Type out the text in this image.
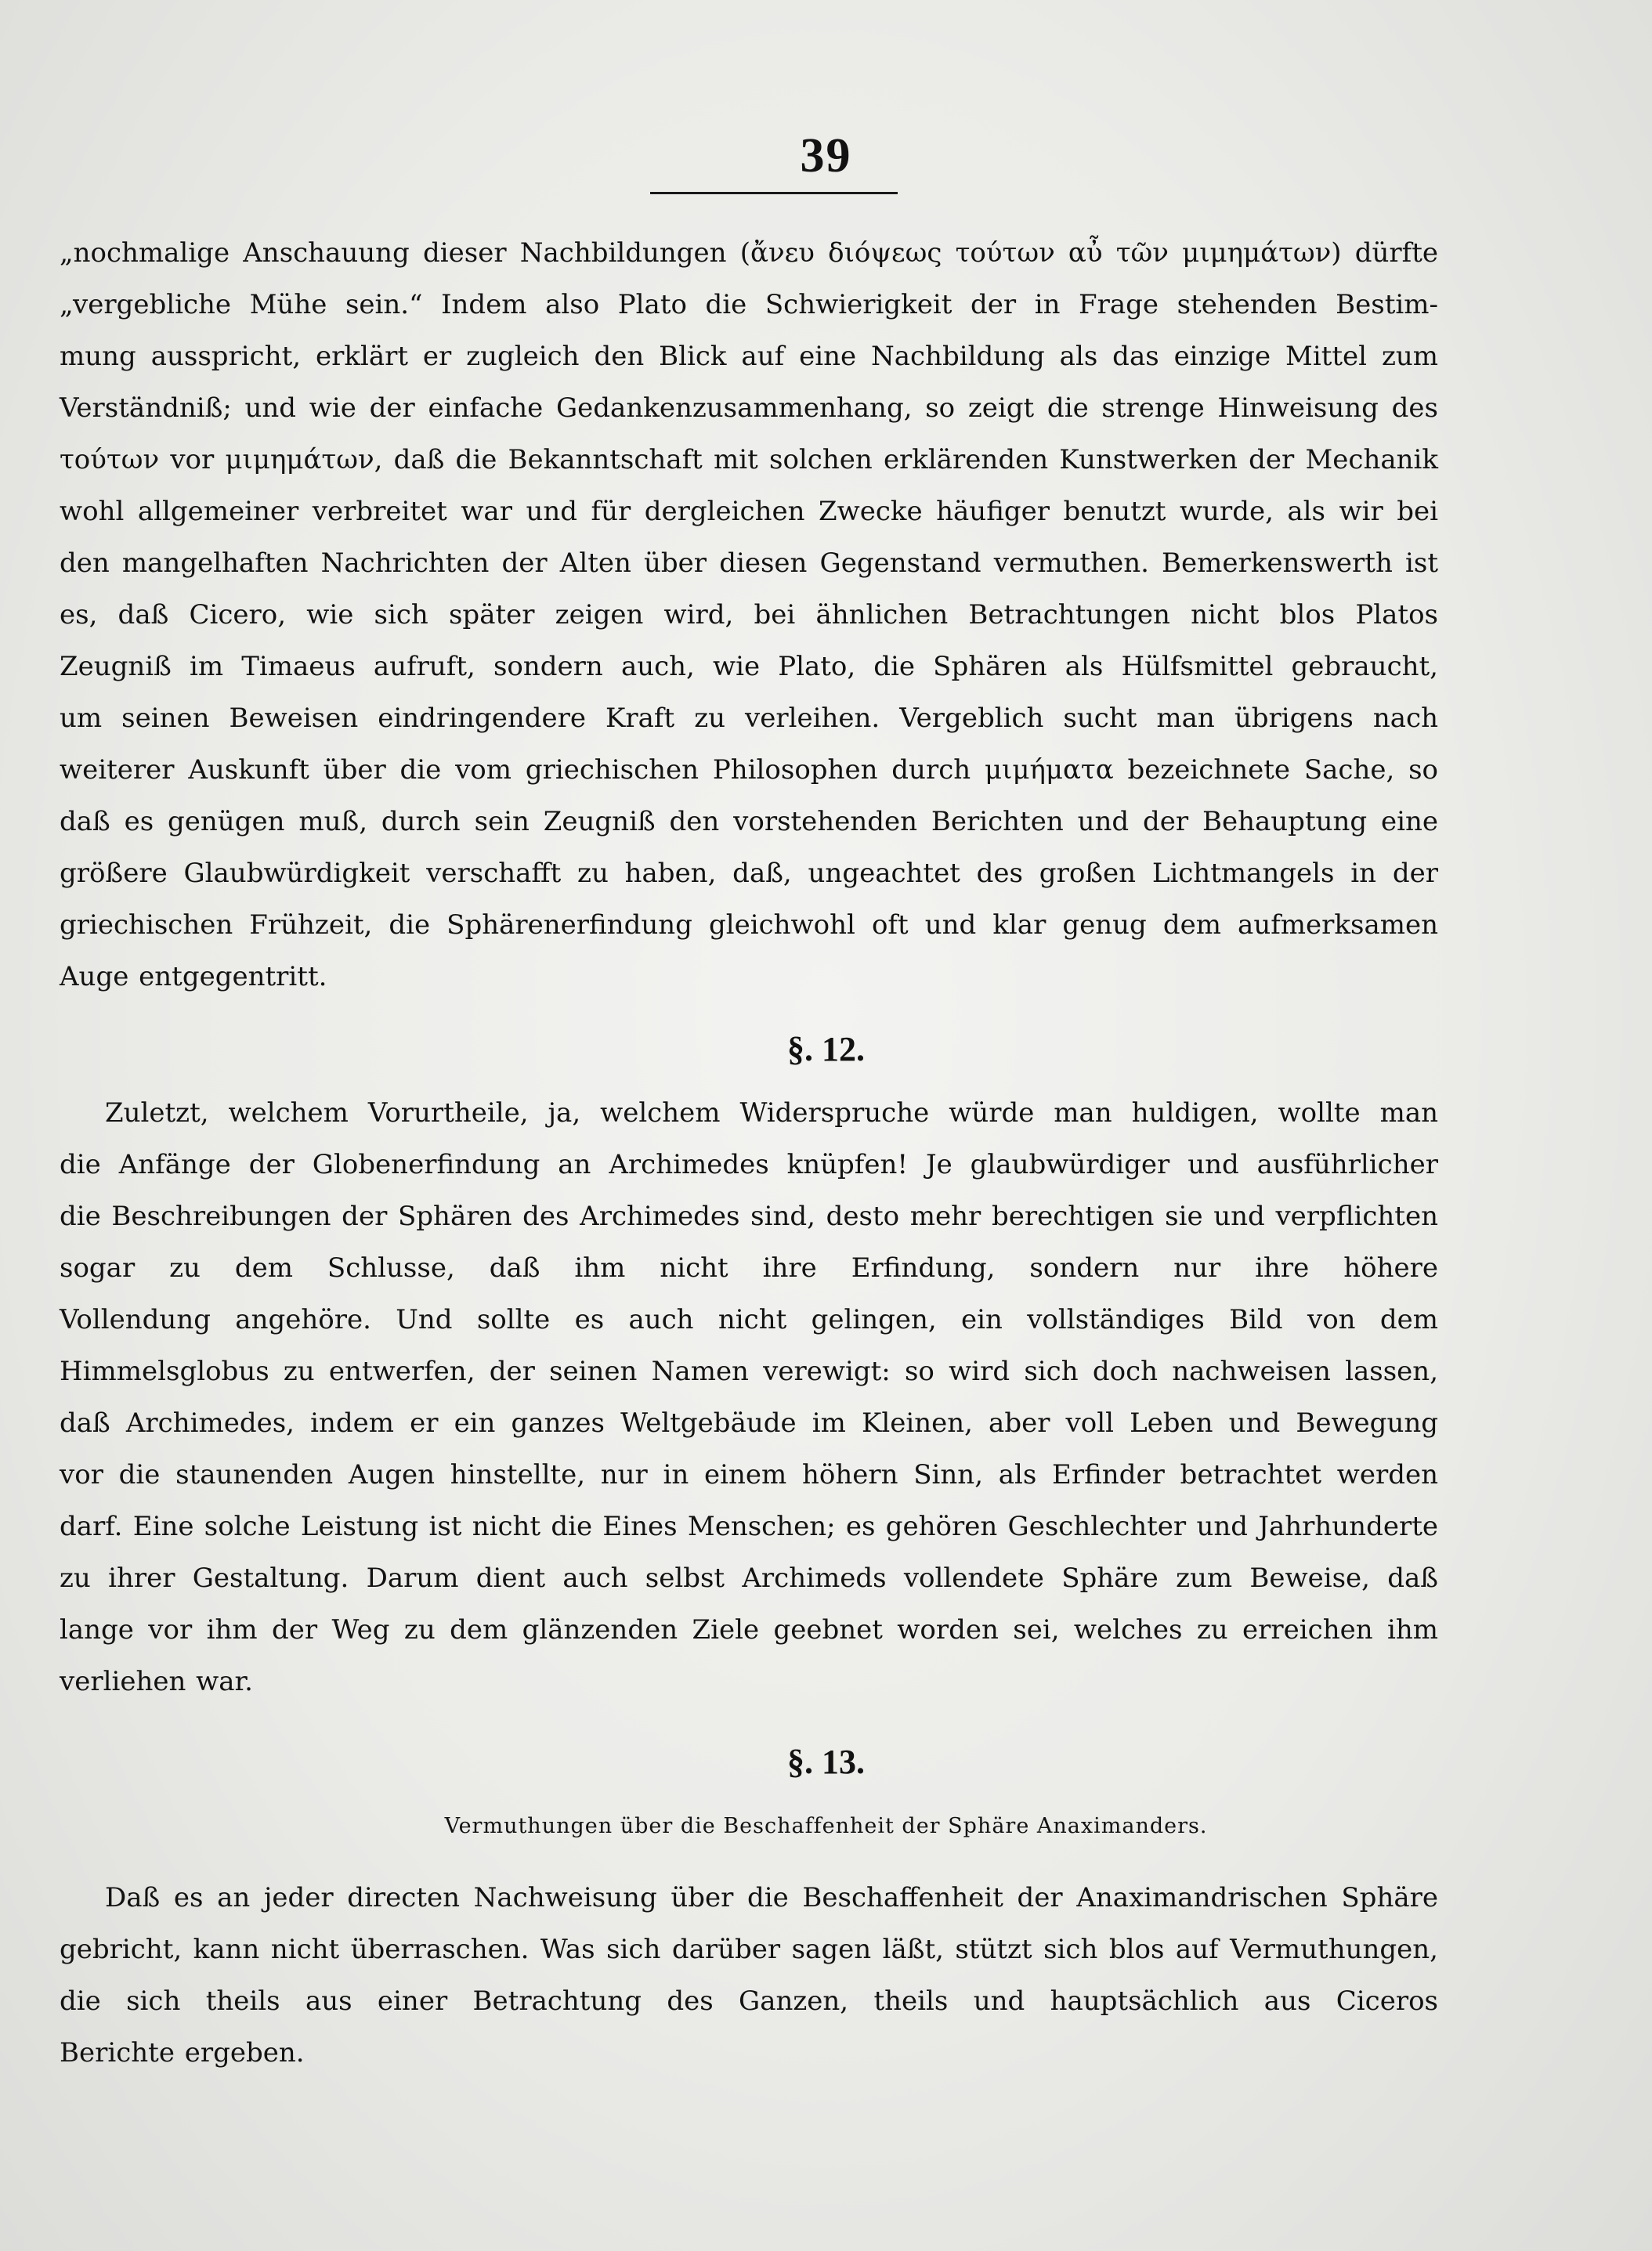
39
„nochmalige Anschauung dieser Nachbildungen (ἄνευ διόψεως τούτων αὖ τῶν μιμημάτων) dürfte
„vergebliche Mühe sein.“ Indem also Plato die Schwierigkeit der in Frage stehenden Bestim-
mung ausspricht, erklärt er zugleich den Blick auf eine Nachbildung als das einzige Mittel zum
Verständniß; und wie der einfache Gedankenzusammenhang, so zeigt die strenge Hinweisung des
τούτων vor μιμημάτων, daß die Bekanntschaft mit solchen erklärenden Kunstwerken der Mechanik
wohl allgemeiner verbreitet war und für dergleichen Zwecke häufiger benutzt wurde, als wir bei
den mangelhaften Nachrichten der Alten über diesen Gegenstand vermuthen. Bemerkenswerth ist
es, daß Cicero, wie sich später zeigen wird, bei ähnlichen Betrachtungen nicht blos Platos
Zeugniß im Timaeus aufruft, sondern auch, wie Plato, die Sphären als Hülfsmittel gebraucht,
um seinen Beweisen eindringendere Kraft zu verleihen. Vergeblich sucht man übrigens nach
weiterer Auskunft über die vom griechischen Philosophen durch μιμήματα bezeichnete Sache, so
daß es genügen muß, durch sein Zeugniß den vorstehenden Berichten und der Behauptung eine
größere Glaubwürdigkeit verschafft zu haben, daß, ungeachtet des großen Lichtmangels in der
griechischen Frühzeit, die Sphärenerfindung gleichwohl oft und klar genug dem aufmerksamen
Auge entgegentritt.
§. 12.
Zuletzt, welchem Vorurtheile, ja, welchem Widerspruche würde man huldigen, wollte man
die Anfänge der Globenerfindung an Archimedes knüpfen! Je glaubwürdiger und ausführlicher
die Beschreibungen der Sphären des Archimedes sind, desto mehr berechtigen sie und verpflichten
sogar zu dem Schlusse, daß ihm nicht ihre Erfindung, sondern nur ihre höhere
Vollendung angehöre. Und sollte es auch nicht gelingen, ein vollständiges Bild von dem
Himmelsglobus zu entwerfen, der seinen Namen verewigt: so wird sich doch nachweisen lassen,
daß Archimedes, indem er ein ganzes Weltgebäude im Kleinen, aber voll Leben und Bewegung
vor die staunenden Augen hinstellte, nur in einem höhern Sinn, als Erfinder betrachtet werden
darf. Eine solche Leistung ist nicht die Eines Menschen; es gehören Geschlechter und Jahrhunderte
zu ihrer Gestaltung. Darum dient auch selbst Archimeds vollendete Sphäre zum Beweise, daß
lange vor ihm der Weg zu dem glänzenden Ziele geebnet worden sei, welches zu erreichen ihm
verliehen war.
§. 13.
Vermuthungen über die Beschaffenheit der Sphäre Anaximanders.
Daß es an jeder directen Nachweisung über die Beschaffenheit der Anaximandrischen Sphäre
gebricht, kann nicht überraschen. Was sich darüber sagen läßt, stützt sich blos auf Vermuthungen,
die sich theils aus einer Betrachtung des Ganzen, theils und hauptsächlich aus Ciceros
Berichte ergeben.
